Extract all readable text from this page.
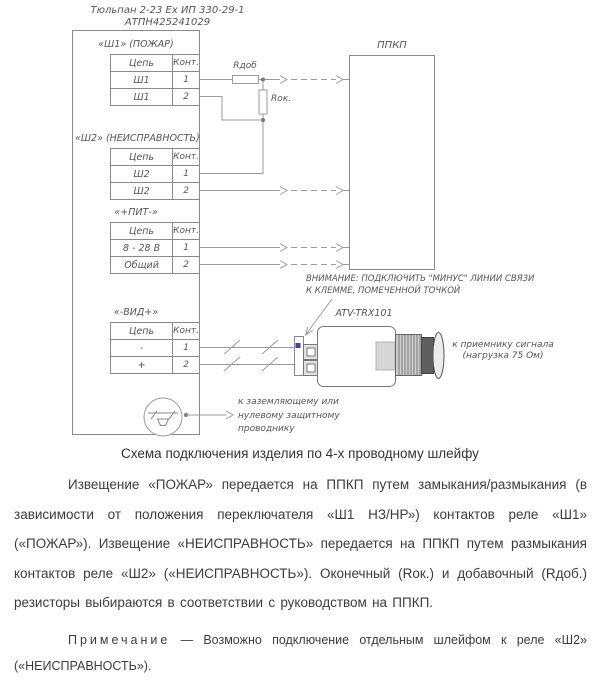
Тюльпан 2-23 Ex ИП 330-29-1
АТПН425241029
ППКП
Rдоб
Rок.
«Ш1» (ПОЖАР)
Цепь	Конт.
Ш1	1
Ш1	2
«Ш2» (НЕИСПРАВНОСТЬ)
Цепь	Конт.
Ш2	1
Ш2	2
«+ПИТ-»
Цепь	Конт.
8 - 28 В	1
Общий	2
«-ВИД+»
Цепь	Конт.
-	1
+	2
ВНИМАНИЕ: ПОДКЛЮЧИТЬ "МИНУС" ЛИНИИ СВЯЗИ
К КЛЕММЕ, ПОМЕЧЕННОЙ ТОЧКОЙ
ATV-TRX101
к приемнику сигнала
(нагрузка 75 Ом)
к заземляющему или
нулевому защитному
проводнику
Схема подключения изделия по 4-х проводному шлейфу
Извещение «ПОЖАР» передается на ППКП путем замыкания/размыкания (в зависимости от положения переключателя «Ш1 НЗ/НР») контактов реле «Ш1» («ПОЖАР»). Извещение «НЕИСПРАВНОСТЬ» передается на ППКП путем размыкания контактов реле «Ш2» («НЕИСПРАВНОСТЬ»). Оконечный (Rок.) и добавочный (Rдоб.) резисторы выбираются в соответствии с руководством на ППКП.
Примечание — Возможно подключение отдельным шлейфом к реле «Ш2» («НЕИСПРАВНОСТЬ»).
